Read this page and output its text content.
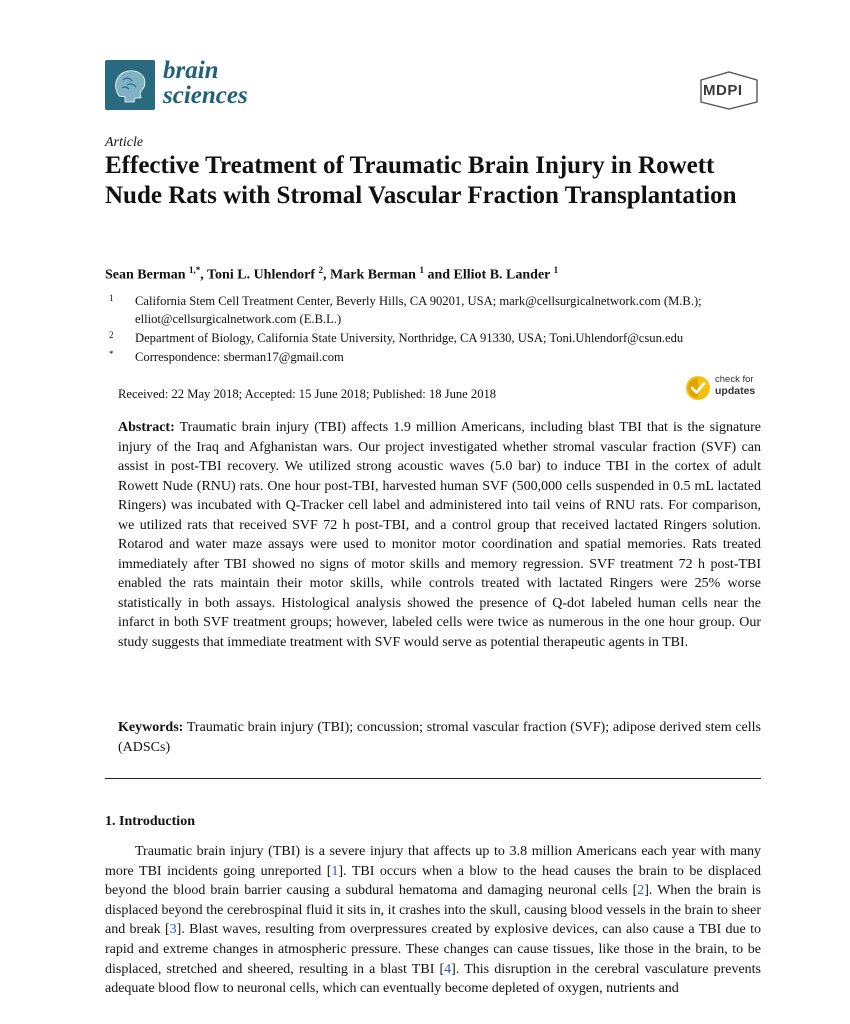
brain
sciences	MDPI
Article
Effective Treatment of Traumatic Brain Injury in Rowett Nude Rats with Stromal Vascular Fraction Transplantation
Sean Berman $^{1,*}$, Toni L. Uhlendorf $^2$, Mark Berman $^1$ and Elliot B. Lander $^1$
1 California Stem Cell Treatment Center, Beverly Hills, CA 90201, USA; mark@cellsurgicalnetwork.com (M.B.); elliot@cellsurgicalnetwork.com (E.B.L.)
2 Department of Biology, California State University, Northridge, CA 91330, USA; Toni.Uhlendorf@csun.edu
* Correspondence: sberman17@gmail.com
Received: 22 May 2018; Accepted: 15 June 2018; Published: 18 June 2018
check for
updates
Abstract: Traumatic brain injury (TBI) affects 1.9 million Americans, including blast TBI that is the signature injury of the Iraq and Afghanistan wars. Our project investigated whether stromal vascular fraction (SVF) can assist in post-TBI recovery. We utilized strong acoustic waves (5.0 bar) to induce TBI in the cortex of adult Rowett Nude (RNU) rats. One hour post-TBI, harvested human SVF (500,000 cells suspended in 0.5 mL lactated Ringers) was incubated with Q-Tracker cell label and administered into tail veins of RNU rats. For comparison, we utilized rats that received SVF 72 h post-TBI, and a control group that received lactated Ringers solution. Rotarod and water maze assays were used to monitor motor coordination and spatial memories. Rats treated immediately after TBI showed no signs of motor skills and memory regression. SVF treatment 72 h post-TBI enabled the rats maintain their motor skills, while controls treated with lactated Ringers were 25% worse statistically in both assays. Histological analysis showed the presence of Q-dot labeled human cells near the infarct in both SVF treatment groups; however, labeled cells were twice as numerous in the one hour group. Our study suggests that immediate treatment with SVF would serve as potential therapeutic agents in TBI.
Keywords: Traumatic brain injury (TBI); concussion; stromal vascular fraction (SVF); adipose derived stem cells (ADSCs)
1. Introduction
Traumatic brain injury (TBI) is a severe injury that affects up to 3.8 million Americans each year with many more TBI incidents going unreported [1]. TBI occurs when a blow to the head causes the brain to be displaced beyond the blood brain barrier causing a subdural hematoma and damaging neuronal cells [2]. When the brain is displaced beyond the cerebrospinal fluid it sits in, it crashes into the skull, causing blood vessels in the brain to sheer and break [3]. Blast waves, resulting from overpressures created by explosive devices, can also cause a TBI due to rapid and extreme changes in atmospheric pressure. These changes can cause tissues, like those in the brain, to be displaced, stretched and sheered, resulting in a blast TBI [4]. This disruption in the cerebral vasculature prevents adequate blood flow to neuronal cells, which can eventually become depleted of oxygen, nutrients and
